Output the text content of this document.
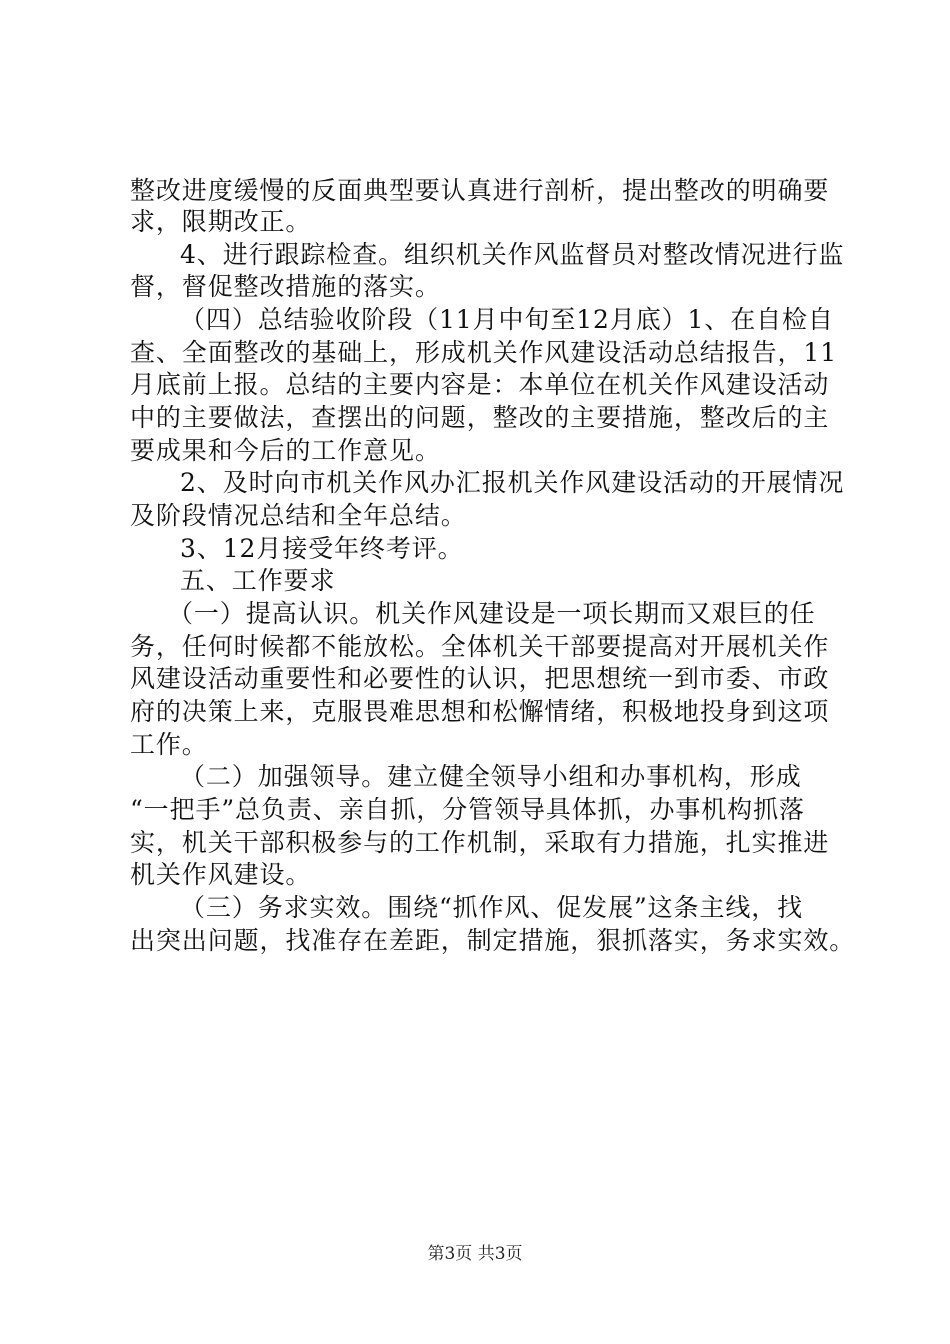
整改进度缓慢的反面典型要认真进行剖析，提出整改的明确要
求，限期改正。
4、进行跟踪检查。组织机关作风监督员对整改情况进行监
督，督促整改措施的落实。
（四）总结验收阶段（11月中旬至12月底）1、在自检自
查、全面整改的基础上，形成机关作风建设活动总结报告，11
月底前上报。总结的主要内容是：本单位在机关作风建设活动
中的主要做法，查摆出的问题，整改的主要措施，整改后的主
要成果和今后的工作意见。
2、及时向市机关作风办汇报机关作风建设活动的开展情况
及阶段情况总结和全年总结。
3、12月接受年终考评。
五、工作要求
（一）提高认识。机关作风建设是一项长期而又艰巨的任
务，任何时候都不能放松。全体机关干部要提高对开展机关作
风建设活动重要性和必要性的认识，把思想统一到市委、市政
府的决策上来，克服畏难思想和松懈情绪，积极地投身到这项
工作。
（二）加强领导。建立健全领导小组和办事机构，形成
“一把手”总负责、亲自抓，分管领导具体抓，办事机构抓落
实，机关干部积极参与的工作机制，采取有力措施，扎实推进
机关作风建设。
（三）务求实效。围绕“抓作风、促发展”这条主线，找
出突出问题，找准存在差距，制定措施，狠抓落实，务求实效。
第3页 共3页
